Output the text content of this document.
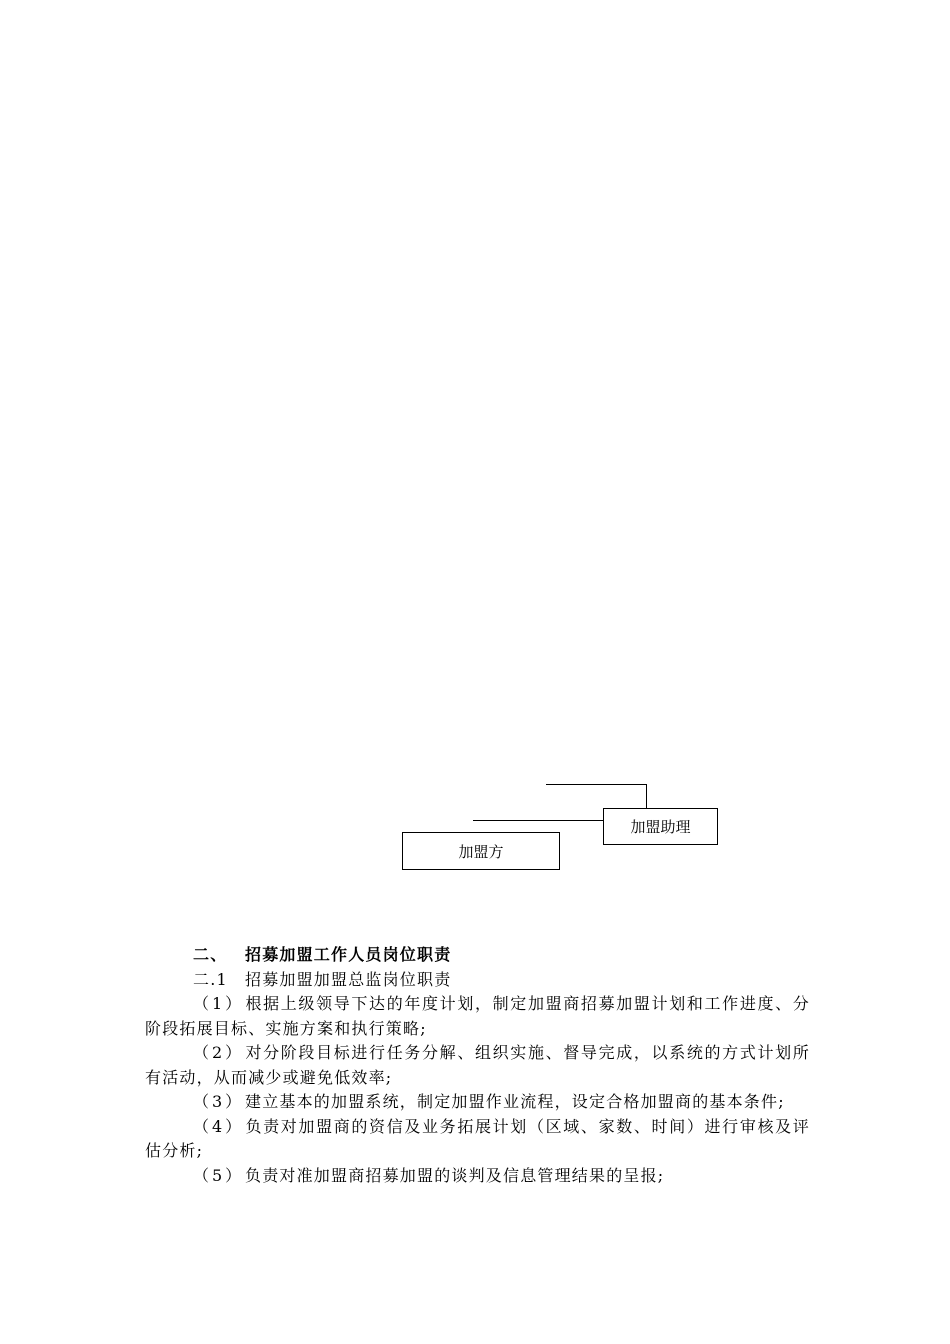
加盟助理
加盟方

二、 招募加盟工作人员岗位职责

二.1 招募加盟加盟总监岗位职责

（1）根据上级领导下达的年度计划，制定加盟商招募加盟计划和工作进度、分阶段拓展目标、实施方案和执行策略;

（2）对分阶段目标进行任务分解、组织实施、督导完成，以系统的方式计划所有活动，从而减少或避免低效率;

（3）建立基本的加盟系统，制定加盟作业流程，设定合格加盟商的基本条件;

（4）负责对加盟商的资信及业务拓展计划（区域、家数、时间）进行审核及评估分析;

（5）负责对准加盟商招募加盟的谈判及信息管理结果的呈报;
